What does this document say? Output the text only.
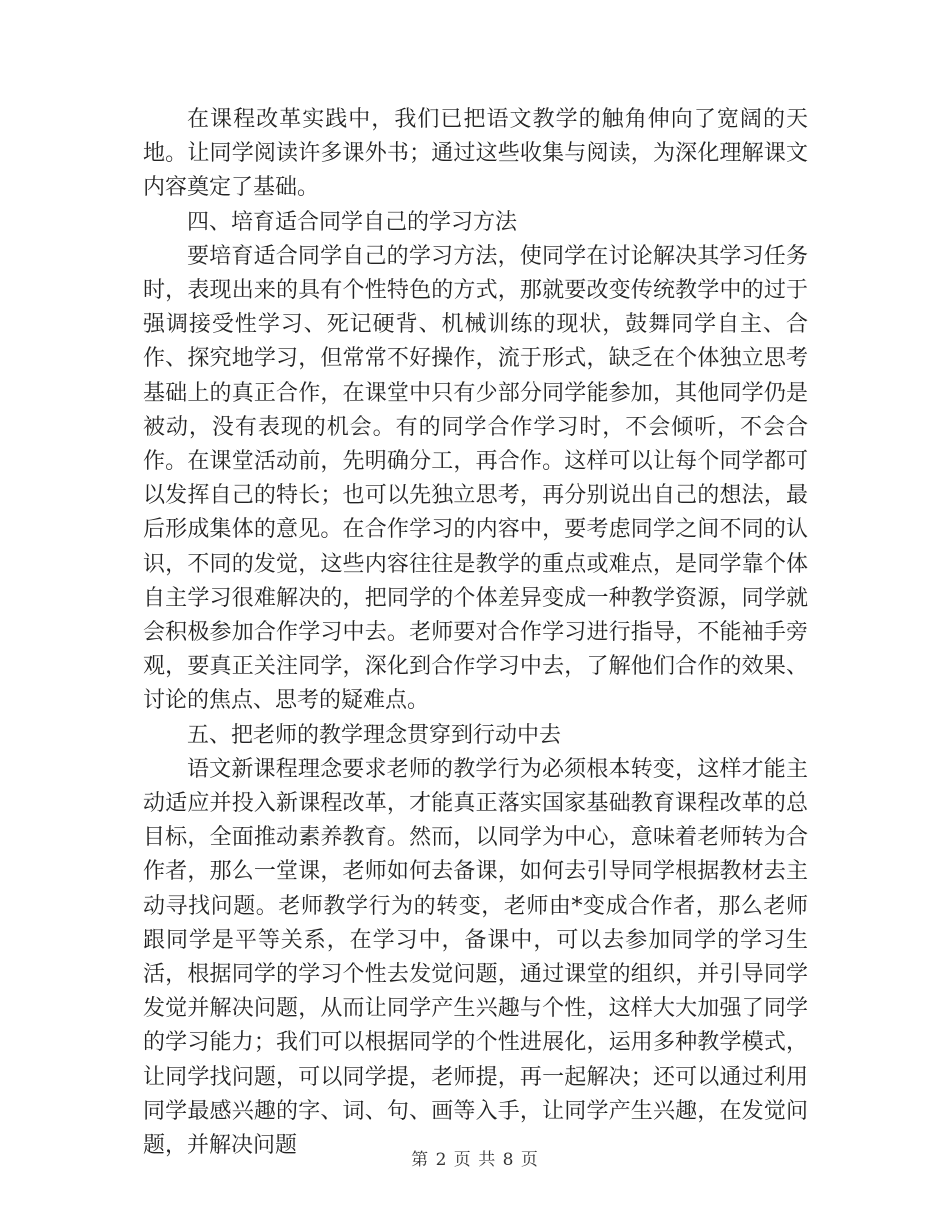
在课程改革实践中，我们已把语文教学的触角伸向了宽阔的天地。让同学阅读许多课外书；通过这些收集与阅读，为深化理解课文内容奠定了基础。

四、培育适合同学自己的学习方法

要培育适合同学自己的学习方法，使同学在讨论解决其学习任务时，表现出来的具有个性特色的方式，那就要改变传统教学中的过于强调接受性学习、死记硬背、机械训练的现状，鼓舞同学自主、合作、探究地学习，但常常不好操作，流于形式，缺乏在个体独立思考基础上的真正合作，在课堂中只有少部分同学能参加，其他同学仍是被动，没有表现的机会。有的同学合作学习时，不会倾听，不会合作。在课堂活动前，先明确分工，再合作。这样可以让每个同学都可以发挥自己的特长；也可以先独立思考，再分别说出自己的想法，最后形成集体的意见。在合作学习的内容中，要考虑同学之间不同的认识，不同的发觉，这些内容往往是教学的重点或难点，是同学靠个体自主学习很难解决的，把同学的个体差异变成一种教学资源，同学就会积极参加合作学习中去。老师要对合作学习进行指导，不能袖手旁观，要真正关注同学，深化到合作学习中去，了解他们合作的效果、讨论的焦点、思考的疑难点。

五、把老师的教学理念贯穿到行动中去

语文新课程理念要求老师的教学行为必须根本转变，这样才能主动适应并投入新课程改革，才能真正落实国家基础教育课程改革的总目标，全面推动素养教育。然而，以同学为中心，意味着老师转为合作者，那么一堂课，老师如何去备课，如何去引导同学根据教材去主动寻找问题。老师教学行为的转变，老师由*变成合作者，那么老师跟同学是平等关系，在学习中，备课中，可以去参加同学的学习生活，根据同学的学习个性去发觉问题，通过课堂的组织，并引导同学发觉并解决问题，从而让同学产生兴趣与个性，这样大大加强了同学的学习能力；我们可以根据同学的个性进展化，运用多种教学模式，让同学找问题，可以同学提，老师提，再一起解决；还可以通过利用同学最感兴趣的字、词、句、画等入手，让同学产生兴趣，在发觉问题，并解决问题

第 2 页 共 8 页
